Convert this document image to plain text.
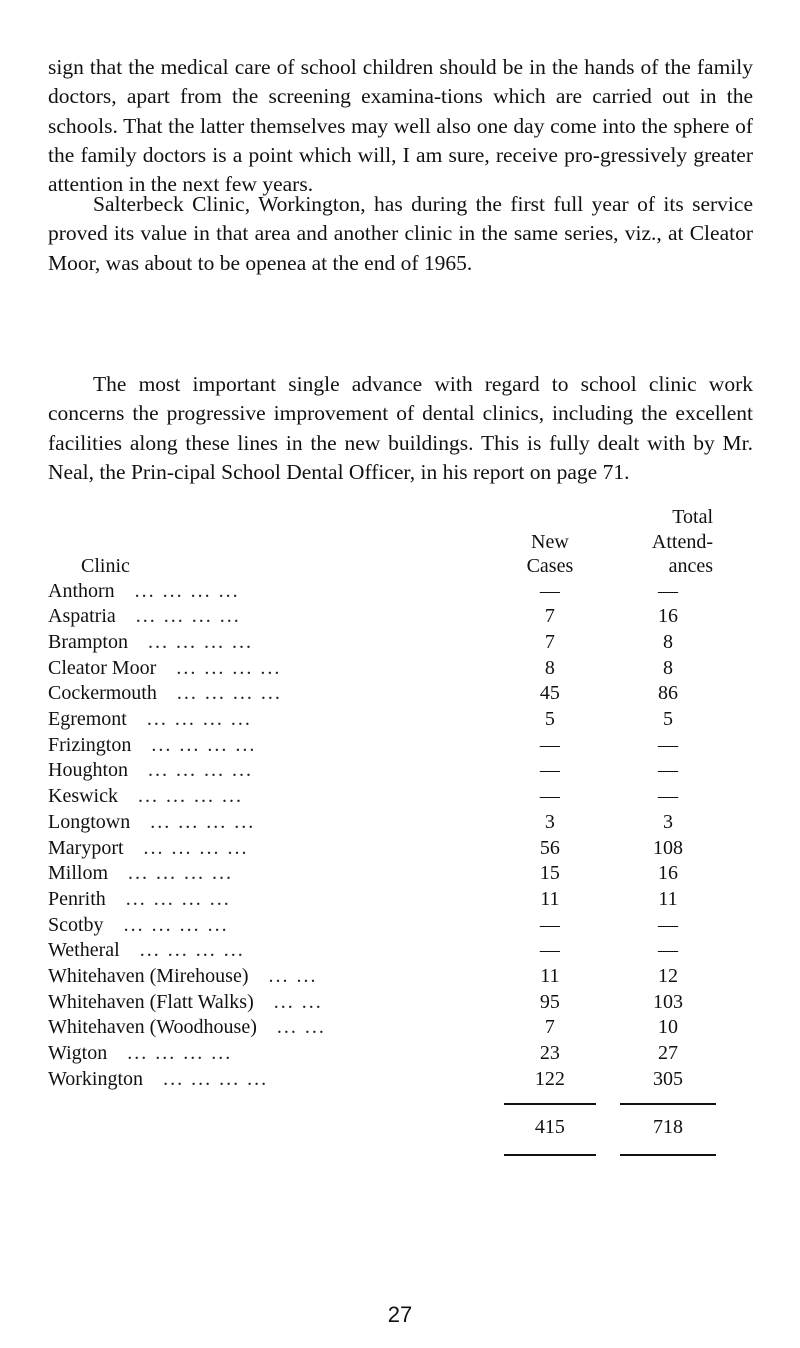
sign that the medical care of school children should be in the hands of the family doctors, apart from the screening examina-tions which are carried out in the schools. That the latter themselves may well also one day come into the sphere of the family doctors is a point which will, I am sure, receive pro-gressively greater attention in the next few years.

Salterbeck Clinic, Workington, has during the first full year of its service proved its value in that area and another clinic in the same series, viz., at Cleator Moor, was about to be openea at the end of 1965.

The most important single advance with regard to school clinic work concerns the progressive improvement of dental clinics, including the excellent facilities along these lines in the new buildings. This is fully dealt with by Mr. Neal, the Prin-cipal School Dental Officer, in his report on page 71.

		Total
	New	Attend-
Clinic	Cases	ances
Anthorn  ... ... ... ...	—	—
Aspatria  ... ... ... ...	7	16
Brampton  ... ... ... ...	7	8
Cleator Moor  ... ... ... ...	8	8
Cockermouth  ... ... ... ...	45	86
Egremont  ... ... ... ...	5	5
Frizington  ... ... ... ...	—	—
Houghton  ... ... ... ...	—	—
Keswick  ... ... ... ...	—	—
Longtown  ... ... ... ...	3	3
Maryport  ... ... ... ...	56	108
Millom  ... ... ... ...	15	16
Penrith  ... ... ... ...	11	11
Scotby  ... ... ... ...	—	—
Wetheral  ... ... ... ...	—	—
Whitehaven (Mirehouse)  ... ...	11	12
Whitehaven (Flatt Walks)  ... ...	95	103
Whitehaven (Woodhouse)  ... ...	7	10
Wigton  ... ... ... ...	23	27
Workington  ... ... ... ...	122	305

	415	718

27
